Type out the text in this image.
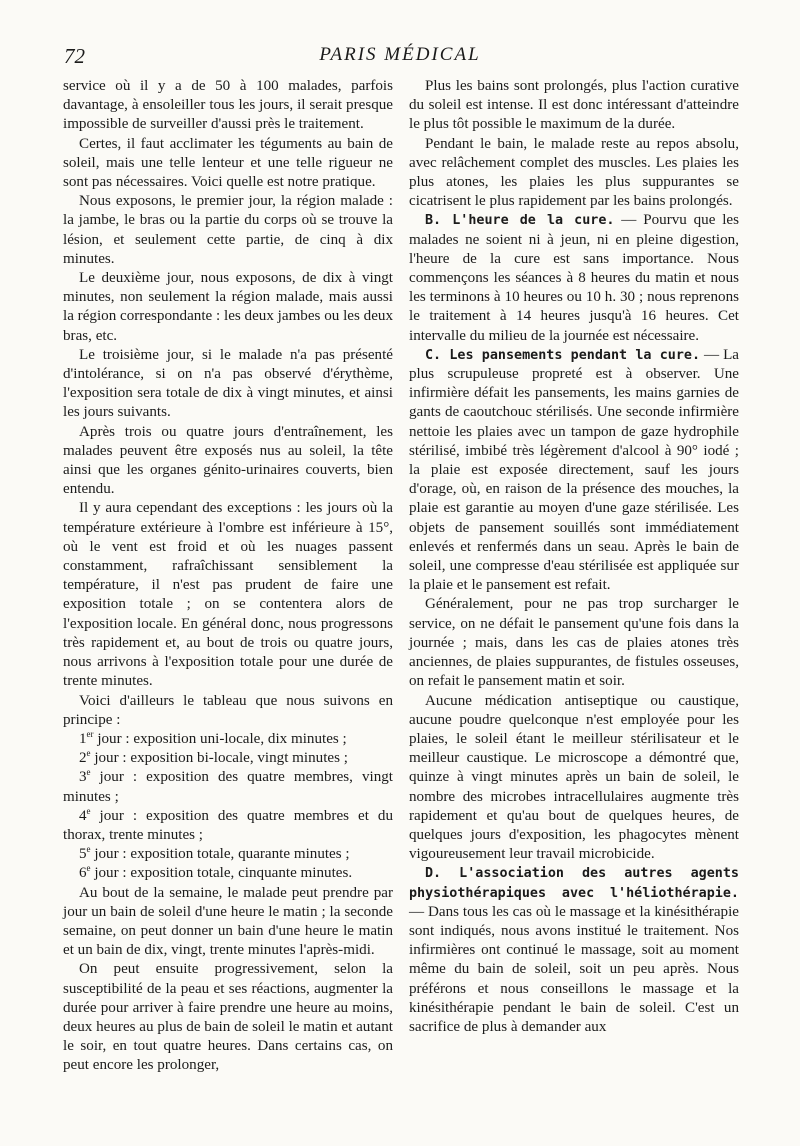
72	PARIS MÉDICAL

service où il y a de 50 à 100 malades, parfois davantage, à ensoleiller tous les jours, il serait presque impossible de surveiller d'aussi près le traitement.

Certes, il faut acclimater les téguments au bain de soleil, mais une telle lenteur et une telle rigueur ne sont pas nécessaires. Voici quelle est notre pratique.

Nous exposons, le premier jour, la région malade : la jambe, le bras ou la partie du corps où se trouve la lésion, et seulement cette partie, de cinq à dix minutes.

Le deuxième jour, nous exposons, de dix à vingt minutes, non seulement la région malade, mais aussi la région correspondante : les deux jambes ou les deux bras, etc.

Le troisième jour, si le malade n'a pas présenté d'intolérance, si on n'a pas observé d'érythème, l'exposition sera totale de dix à vingt minutes, et ainsi les jours suivants.

Après trois ou quatre jours d'entraînement, les malades peuvent être exposés nus au soleil, la tête ainsi que les organes génito-urinaires couverts, bien entendu.

Il y aura cependant des exceptions : les jours où la température extérieure à l'ombre est inférieure à 15°, où le vent est froid et où les nuages passent constamment, rafraîchissant sensiblement la température, il n'est pas prudent de faire une exposition totale ; on se contentera alors de l'exposition locale. En général donc, nous progressons très rapidement et, au bout de trois ou quatre jours, nous arrivons à l'exposition totale pour une durée de trente minutes.

Voici d'ailleurs le tableau que nous suivons en principe :

1er jour : exposition uni-locale, dix minutes ;

2e jour : exposition bi-locale, vingt minutes ;

3e jour : exposition des quatre membres, vingt minutes ;

4e jour : exposition des quatre membres et du thorax, trente minutes ;

5e jour : exposition totale, quarante minutes ;

6e jour : exposition totale, cinquante minutes.

Au bout de la semaine, le malade peut prendre par jour un bain de soleil d'une heure le matin ; la seconde semaine, on peut donner un bain d'une heure le matin et un bain de dix, vingt, trente minutes l'après-midi.

On peut ensuite progressivement, selon la susceptibilité de la peau et ses réactions, augmenter la durée pour arriver à faire prendre une heure au moins, deux heures au plus de bain de soleil le matin et autant le soir, en tout quatre heures. Dans certains cas, on peut encore les prolonger,

Plus les bains sont prolongés, plus l'action curative du soleil est intense. Il est donc intéressant d'atteindre le plus tôt possible le maximum de la durée.

Pendant le bain, le malade reste au repos absolu, avec relâchement complet des muscles. Les plaies les plus atones, les plaies les plus suppurantes se cicatrisent le plus rapidement par les bains prolongés.

B. L'heure de la cure. — Pourvu que les malades ne soient ni à jeun, ni en pleine digestion, l'heure de la cure est sans importance. Nous commençons les séances à 8 heures du matin et nous les terminons à 10 heures ou 10 h. 30 ; nous reprenons le traitement à 14 heures jusqu'à 16 heures. Cet intervalle du milieu de la journée est nécessaire.

C. Les pansements pendant la cure. — La plus scrupuleuse propreté est à observer. Une infirmière défait les pansements, les mains garnies de gants de caoutchouc stérilisés. Une seconde infirmière nettoie les plaies avec un tampon de gaze hydrophile stérilisé, imbibé très légèrement d'alcool à 90° iodé ; la plaie est exposée directement, sauf les jours d'orage, où, en raison de la présence des mouches, la plaie est garantie au moyen d'une gaze stérilisée. Les objets de pansement souillés sont immédiatement enlevés et renfermés dans un seau. Après le bain de soleil, une compresse d'eau stérilisée est appliquée sur la plaie et le pansement est refait.

Généralement, pour ne pas trop surcharger le service, on ne défait le pansement qu'une fois dans la journée ; mais, dans les cas de plaies atones très anciennes, de plaies suppurantes, de fistules osseuses, on refait le pansement matin et soir.

Aucune médication antiseptique ou caustique, aucune poudre quelconque n'est employée pour les plaies, le soleil étant le meilleur stérilisateur et le meilleur caustique. Le microscope a démontré que, quinze à vingt minutes après un bain de soleil, le nombre des microbes intracellulaires augmente très rapidement et qu'au bout de quelques heures, de quelques jours d'exposition, les phagocytes mènent vigoureusement leur travail microbicide.

D. L'association des autres agents physiothérapiques avec l'héliothérapie. — Dans tous les cas où le massage et la kinésithérapie sont indiqués, nous avons institué le traitement. Nos infirmières ont continué le massage, soit au moment même du bain de soleil, soit un peu après. Nous préférons et nous conseillons le massage et la kinésithérapie pendant le bain de soleil. C'est un sacrifice de plus à demander aux
